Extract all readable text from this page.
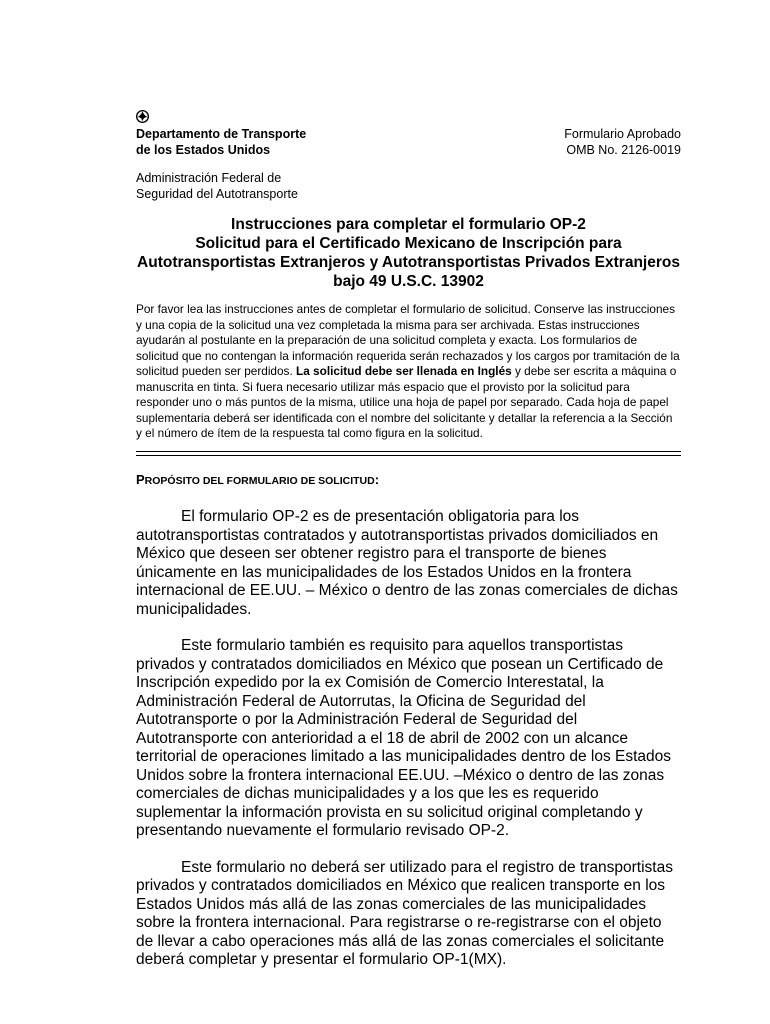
Departamento de Transporte
de los Estados Unidos
Formulario Aprobado
OMB No. 2126-0019
Administración Federal de
Seguridad del Autotransporte
Instrucciones para completar el formulario OP-2
Solicitud para el Certificado Mexicano de Inscripción para
Autotransportistas Extranjeros y Autotransportistas Privados Extranjeros
bajo 49 U.S.C. 13902
Por favor lea las instrucciones antes de completar el formulario de solicitud. Conserve las instrucciones y una copia de la solicitud una vez completada la misma para ser archivada. Estas instrucciones ayudarán al postulante en la preparación de una solicitud completa y exacta. Los formularios de solicitud que no contengan la información requerida serán rechazados y los cargos por tramitación de la solicitud pueden ser perdidos. La solicitud debe ser llenada en Inglés y debe ser escrita a máquina o manuscrita en tinta. Si fuera necesario utilizar más espacio que el provisto por la solicitud para responder uno o más puntos de la misma, utilice una hoja de papel por separado. Cada hoja de papel suplementaria deberá ser identificada con el nombre del solicitante y detallar la referencia a la Sección y el número de ítem de la respuesta tal como figura en la solicitud.
PROPÓSITO DEL FORMULARIO DE SOLICITUD:

El formulario OP-2 es de presentación obligatoria para los autotransportistas contratados y autotransportistas privados domiciliados en México que deseen ser obtener registro para el transporte de bienes únicamente en las municipalidades de los Estados Unidos en la frontera internacional de EE.UU. – México o dentro de las zonas comerciales de dichas municipalidades.

Este formulario también es requisito para aquellos transportistas privados y contratados domiciliados en México que posean un Certificado de Inscripción expedido por la ex Comisión de Comercio Interestatal, la Administración Federal de Autorrutas, la Oficina de Seguridad del Autotransporte o por la Administración Federal de Seguridad del Autotransporte con anterioridad a el 18 de abril de 2002 con un alcance territorial de operaciones limitado a las municipalidades dentro de los Estados Unidos sobre la frontera internacional EE.UU. –México o dentro de las zonas comerciales de dichas municipalidades y a los que les es requerido suplementar la información provista en su solicitud original completando y presentando nuevamente el formulario revisado OP-2.

Este formulario no deberá ser utilizado para el registro de transportistas privados y contratados domiciliados en México que realicen transporte en los Estados Unidos más allá de las zonas comerciales de las municipalidades sobre la frontera internacional. Para registrarse o re-registrarse con el objeto de llevar a cabo operaciones más allá de las zonas comerciales el solicitante deberá completar y presentar el formulario OP-1(MX).
